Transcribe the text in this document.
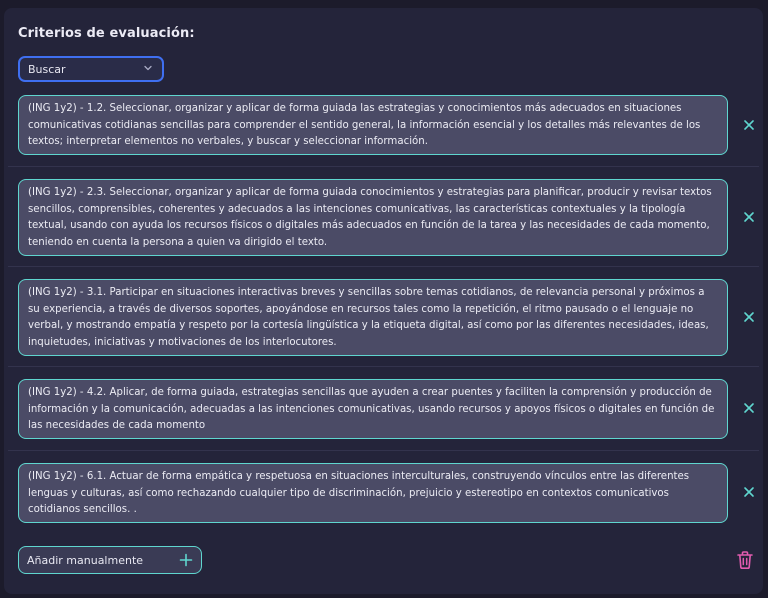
Criterios de evaluación:
Buscar
(ING 1y2) - 1.2. Seleccionar, organizar y aplicar de forma guiada las estrategias y conocimientos más adecuados en situaciones comunicativas cotidianas sencillas para comprender el sentido general, la información esencial y los detalles más relevantes de los textos; interpretar elementos no verbales, y buscar y seleccionar información.
(ING 1y2) - 2.3. Seleccionar, organizar y aplicar de forma guiada conocimientos y estrategias para planificar, producir y revisar textos sencillos, comprensibles, coherentes y adecuados a las intenciones comunicativas, las características contextuales y la tipología textual, usando con ayuda los recursos físicos o digitales más adecuados en función de la tarea y las necesidades de cada momento, teniendo en cuenta la persona a quien va dirigido el texto.
(ING 1y2) - 3.1. Participar en situaciones interactivas breves y sencillas sobre temas cotidianos, de relevancia personal y próximos a su experiencia, a través de diversos soportes, apoyándose en recursos tales como la repetición, el ritmo pausado o el lenguaje no verbal, y mostrando empatía y respeto por la cortesía lingüística y la etiqueta digital, así como por las diferentes necesidades, ideas, inquietudes, iniciativas y motivaciones de los interlocutores.
(ING 1y2) - 4.2. Aplicar, de forma guiada, estrategias sencillas que ayuden a crear puentes y faciliten la comprensión y producción de información y la comunicación, adecuadas a las intenciones comunicativas, usando recursos y apoyos físicos o digitales en función de las necesidades de cada momento
(ING 1y2) - 6.1. Actuar de forma empática y respetuosa en situaciones interculturales, construyendo vínculos entre las diferentes lenguas y culturas, así como rechazando cualquier tipo de discriminación, prejuicio y estereotipo en contextos comunicativos cotidianos sencillos. .
Añadir manualmente
